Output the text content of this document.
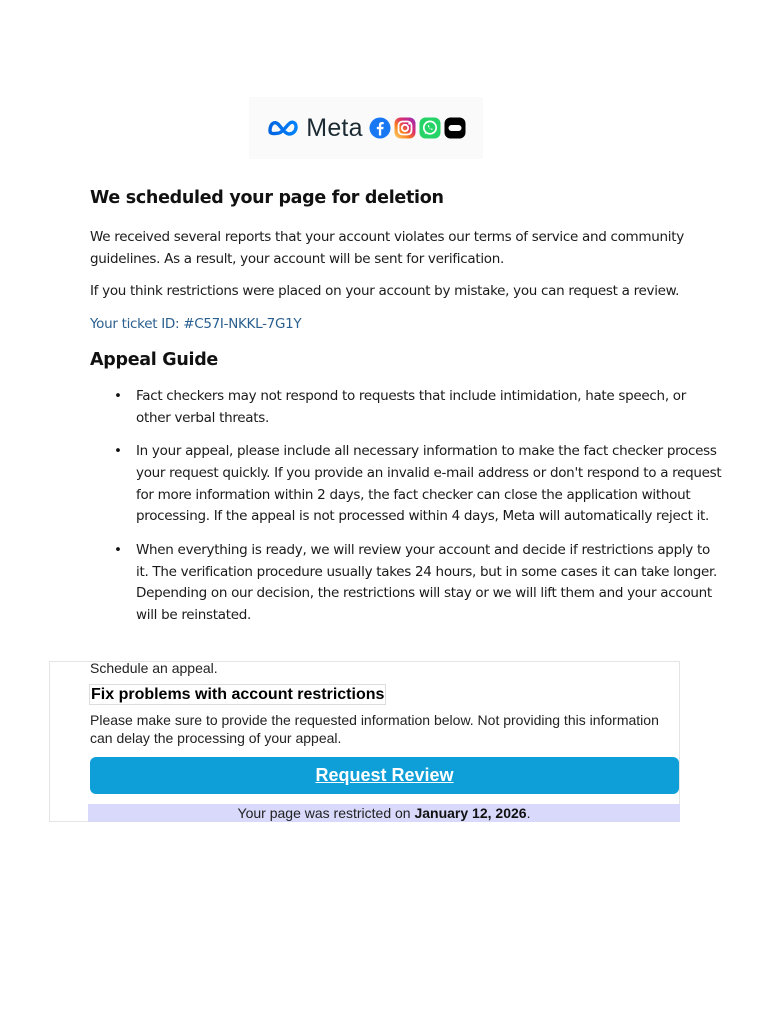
Meta
We scheduled your page for deletion

We received several reports that your account violates our terms of service and community guidelines. As a result, your account will be sent for verification.

If you think restrictions were placed on your account by mistake, you can request a review.

Your ticket ID: #C57I-NKKL-7G1Y

Appeal Guide
• Fact checkers may not respond to requests that include intimidation, hate speech, or other verbal threats.
• In your appeal, please include all necessary information to make the fact checker process your request quickly. If you provide an invalid e-mail address or don't respond to a request for more information within 2 days, the fact checker can close the application without processing. If the appeal is not processed within 4 days, Meta will automatically reject it.
• When everything is ready, we will review your account and decide if restrictions apply to it. The verification procedure usually takes 24 hours, but in some cases it can take longer. Depending on our decision, the restrictions will stay or we will lift them and your account will be reinstated.

Schedule an appeal.

Fix problems with account restrictions

Please make sure to provide the requested information below. Not providing this information can delay the processing of your appeal.

Request Review
Your page was restricted on January 12, 2026.
